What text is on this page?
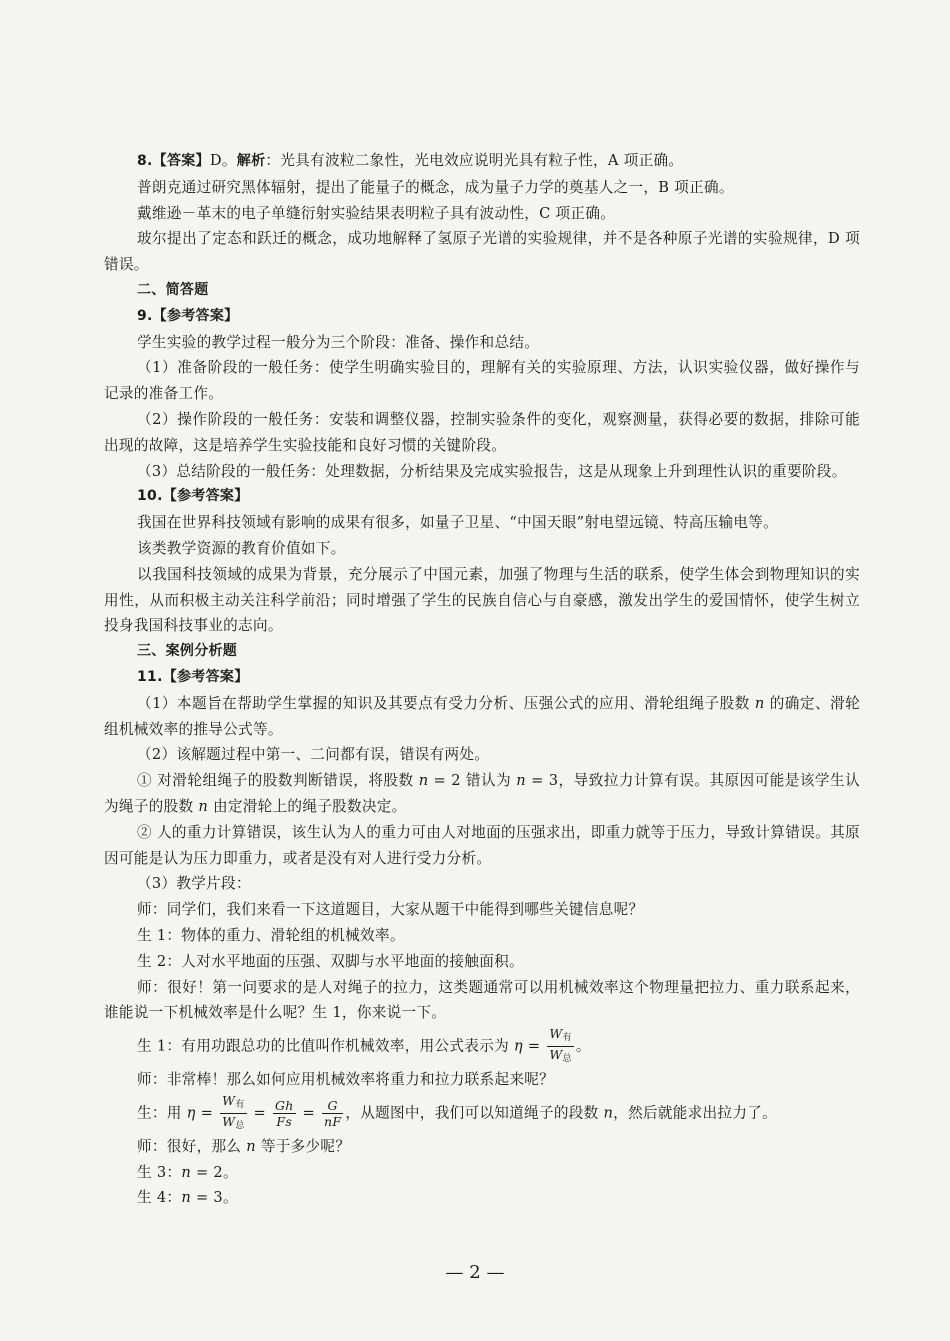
8.【答案】D。解析：光具有波粒二象性，光电效应说明光具有粒子性，A 项正确。

普朗克通过研究黑体辐射，提出了能量子的概念，成为量子力学的奠基人之一，B 项正确。

戴维逊－革末的电子单缝衍射实验结果表明粒子具有波动性，C 项正确。

玻尔提出了定态和跃迁的概念，成功地解释了氢原子光谱的实验规律，并不是各种原子光谱的实验规律，D 项错误。

二、简答题

9.【参考答案】

学生实验的教学过程一般分为三个阶段：准备、操作和总结。

（1）准备阶段的一般任务：使学生明确实验目的，理解有关的实验原理、方法，认识实验仪器，做好操作与记录的准备工作。

（2）操作阶段的一般任务：安装和调整仪器，控制实验条件的变化，观察测量，获得必要的数据，排除可能出现的故障，这是培养学生实验技能和良好习惯的关键阶段。

（3）总结阶段的一般任务：处理数据，分析结果及完成实验报告，这是从现象上升到理性认识的重要阶段。

10.【参考答案】

我国在世界科技领域有影响的成果有很多，如量子卫星、“中国天眼”射电望远镜、特高压输电等。

该类教学资源的教育价值如下。

以我国科技领域的成果为背景，充分展示了中国元素，加强了物理与生活的联系，使学生体会到物理知识的实用性，从而积极主动关注科学前沿；同时增强了学生的民族自信心与自豪感，激发出学生的爱国情怀，使学生树立投身我国科技事业的志向。

三、案例分析题

11.【参考答案】

（1）本题旨在帮助学生掌握的知识及其要点有受力分析、压强公式的应用、滑轮组绳子股数 n 的确定、滑轮组机械效率的推导公式等。

（2）该解题过程中第一、二问都有误，错误有两处。

① 对滑轮组绳子的股数判断错误，将股数 n = 2 错认为 n = 3，导致拉力计算有误。其原因可能是该学生认为绳子的股数 n 由定滑轮上的绳子股数决定。

② 人的重力计算错误，该生认为人的重力可由人对地面的压强求出，即重力就等于压力，导致计算错误。其原因可能是认为压力即重力，或者是没有对人进行受力分析。

（3）教学片段：

师：同学们，我们来看一下这道题目，大家从题干中能得到哪些关键信息呢？

生 1：物体的重力、滑轮组的机械效率。

生 2：人对水平地面的压强、双脚与水平地面的接触面积。

师：很好！第一问要求的是人对绳子的拉力，这类题通常可以用机械效率这个物理量把拉力、重力联系起来，谁能说一下机械效率是什么呢？生 1，你来说一下。

生 1：有用功跟总功的比值叫作机械效率，用公式表示为 $\eta = \frac{W_有}{W_总}$ 。

师：非常棒！那么如何应用机械效率将重力和拉力联系起来呢？

生：用 $\eta = \frac{W_有}{W_总} = \frac{Gh}{Fs} = \frac{G}{nF}$ ，从题图中，我们可以知道绳子的段数 n，然后就能求出拉力了。

师：很好，那么 n 等于多少呢？

生 3：n = 2。

生 4：n = 3。

— 2 —
